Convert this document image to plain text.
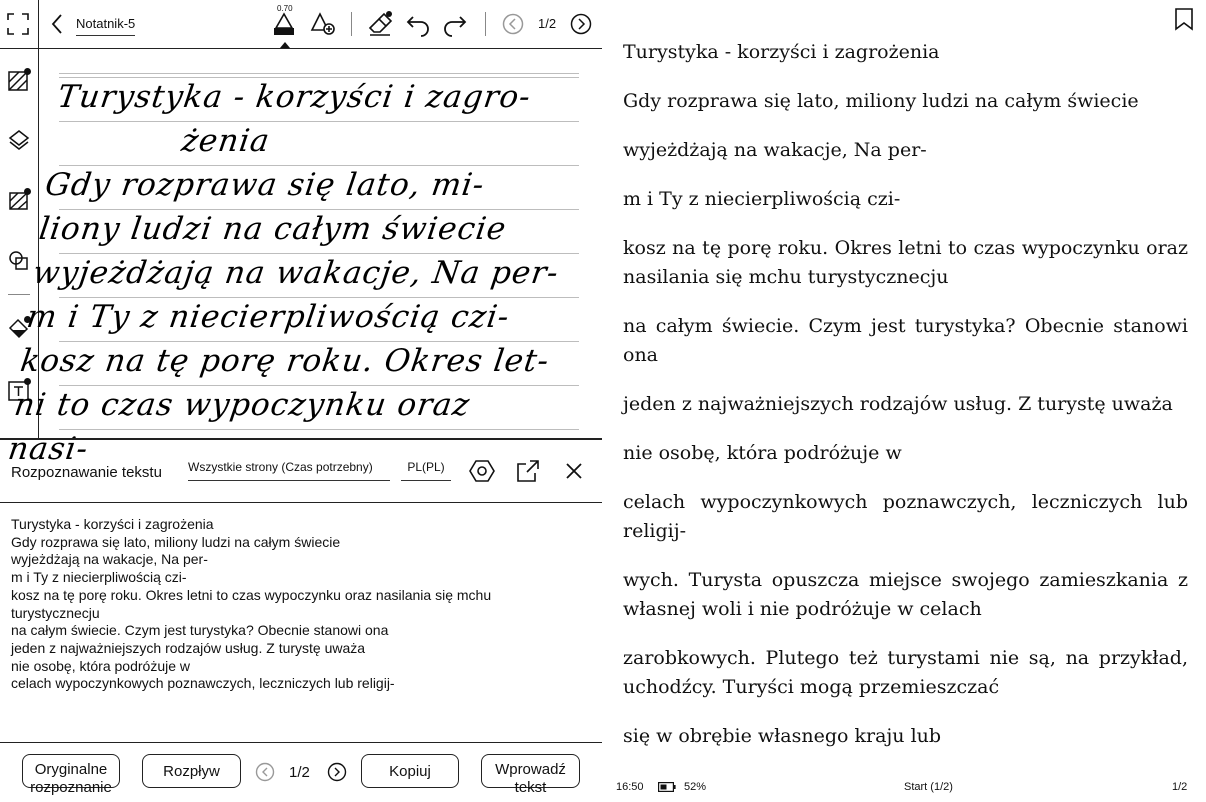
Notatnik-5
0.70
1/2
Turystyka - korzyści i zagro-
żenia
Gdy rozprawa się lato, mi-
liony ludzi na całym świecie
wyjeżdżają na wakacje, Na per-
m i Ty z niecierpliwością czi-
kosz na tę porę roku. Okres let-
ni to czas wypoczynku oraz nasi-
Rozpoznawanie tekstu Wszystkie strony (Czas potrzebny)	PL(PL)
Turystyka - korzyści i zagrożenia
Gdy rozprawa się lato, miliony ludzi na całym świecie
wyjeżdżają na wakacje, Na per-
m i Ty z niecierpliwością czi-
kosz na tę porę roku. Okres letni to czas wypoczynku oraz nasilania się mchu
turystycznecju
na całym świecie. Czym jest turystyka? Obecnie stanowi ona
jeden z najważniejszych rodzajów usług. Z turystę uważa
nie osobę, która podróżuje w
celach wypoczynkowych poznawczych, leczniczych lub religij-
Oryginalne rozpoznanie
Rozpływ	1/2	Kopiuj	Wprowadź tekst

Turystyka - korzyści i zagrożenia

Gdy rozprawa się lato, miliony ludzi na całym świecie

wyjeżdżają na wakacje, Na per-

m i Ty z niecierpliwością czi-

kosz na tę porę roku. Okres letni to czas wypoczynku oraz nasilania się mchu turystycznecju

na całym świecie. Czym jest turystyka? Obecnie stanowi ona

jeden z najważniejszych rodzajów usług. Z turystę uważa

nie osobę, która podróżuje w

celach wypoczynkowych poznawczych, leczniczych lub religij-

wych. Turysta opuszcza miejsce swojego zamieszkania z własnej woli i nie podróżuje w celach

zarobkowych. Plutego też turystami nie są, na przykład, uchodźcy. Turyści mogą przemieszczać

się w obrębie własnego kraju lub

16:50	52%	Start (1/2)	1/2
